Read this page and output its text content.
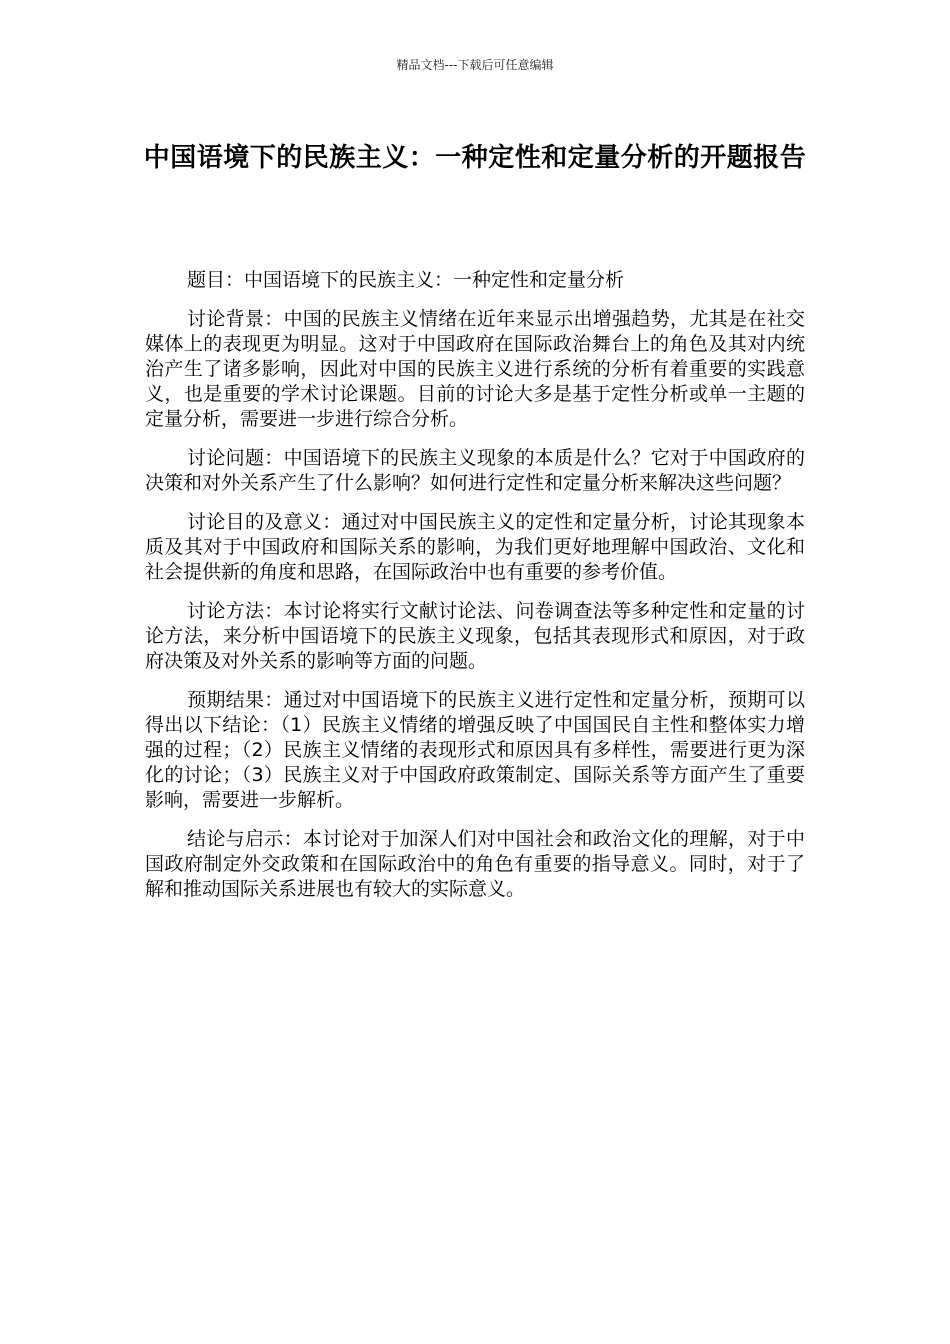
精品文档---下载后可任意编辑
中国语境下的民族主义：一种定性和定量分析的开题报告

题目：中国语境下的民族主义：一种定性和定量分析

讨论背景：中国的民族主义情绪在近年来显示出增强趋势，尤其是在社交媒体上的表现更为明显。这对于中国政府在国际政治舞台上的角色及其对内统治产生了诸多影响，因此对中国的民族主义进行系统的分析有着重要的实践意义，也是重要的学术讨论课题。目前的讨论大多是基于定性分析或单一主题的定量分析，需要进一步进行综合分析。

讨论问题：中国语境下的民族主义现象的本质是什么？它对于中国政府的决策和对外关系产生了什么影响？如何进行定性和定量分析来解决这些问题？

讨论目的及意义：通过对中国民族主义的定性和定量分析，讨论其现象本质及其对于中国政府和国际关系的影响，为我们更好地理解中国政治、文化和社会提供新的角度和思路，在国际政治中也有重要的参考价值。

讨论方法：本讨论将实行文献讨论法、问卷调查法等多种定性和定量的讨论方法，来分析中国语境下的民族主义现象，包括其表现形式和原因，对于政府决策及对外关系的影响等方面的问题。

预期结果：通过对中国语境下的民族主义进行定性和定量分析，预期可以得出以下结论：（1）民族主义情绪的增强反映了中国国民自主性和整体实力增强的过程；（2）民族主义情绪的表现形式和原因具有多样性，需要进行更为深化的讨论；（3）民族主义对于中国政府政策制定、国际关系等方面产生了重要影响，需要进一步解析。

结论与启示：本讨论对于加深人们对中国社会和政治文化的理解，对于中国政府制定外交政策和在国际政治中的角色有重要的指导意义。同时，对于了解和推动国际关系进展也有较大的实际意义。
